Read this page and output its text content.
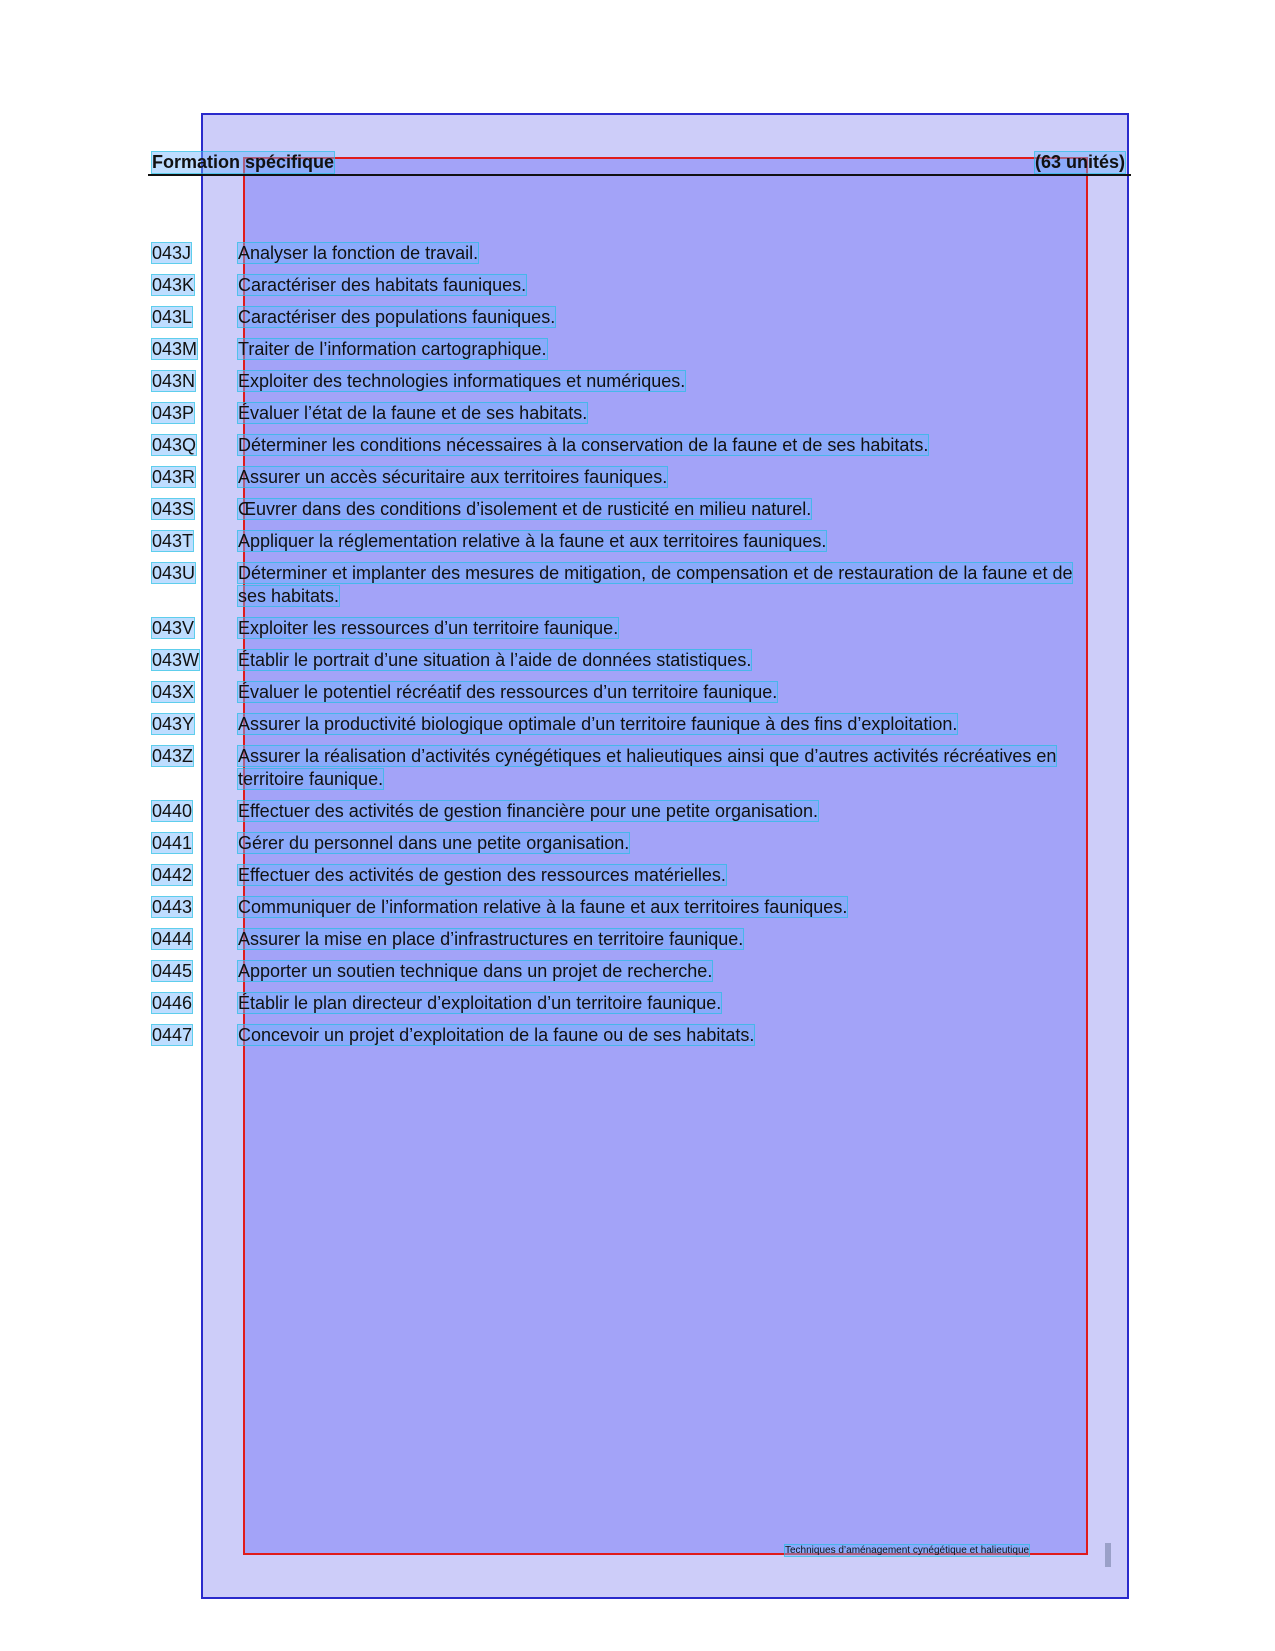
Formation spécifique	(63 unités)
043J	Analyser la fonction de travail.
043K	Caractériser des habitats fauniques.
043L	Caractériser des populations fauniques.
043M	Traiter de l’information cartographique.
043N	Exploiter des technologies informatiques et numériques.
043P	Évaluer l’état de la faune et de ses habitats.
043Q	Déterminer les conditions nécessaires à la conservation de la faune et de ses habitats.
043R	Assurer un accès sécuritaire aux territoires fauniques.
043S	Œuvrer dans des conditions d’isolement et de rusticité en milieu naturel.
043T	Appliquer la réglementation relative à la faune et aux territoires fauniques.
043U	Déterminer et implanter des mesures de mitigation, de compensation et de restauration de la faune et de ses habitats.
043V	Exploiter les ressources d’un territoire faunique.
043W	Établir le portrait d’une situation à l’aide de données statistiques.
043X	Évaluer le potentiel récréatif des ressources d’un territoire faunique.
043Y	Assurer la productivité biologique optimale d’un territoire faunique à des fins d’exploitation.
043Z	Assurer la réalisation d’activités cynégétiques et halieutiques ainsi que d’autres activités récréatives en territoire faunique.
0440	Effectuer des activités de gestion financière pour une petite organisation.
0441	Gérer du personnel dans une petite organisation.
0442	Effectuer des activités de gestion des ressources matérielles.
0443	Communiquer de l’information relative à la faune et aux territoires fauniques.
0444	Assurer la mise en place d’infrastructures en territoire faunique.
0445	Apporter un soutien technique dans un projet de recherche.
0446	Établir le plan directeur d’exploitation d’un territoire faunique.
0447	Concevoir un projet d’exploitation de la faune ou de ses habitats.
Techniques d’aménagement cynégétique et halieutique
